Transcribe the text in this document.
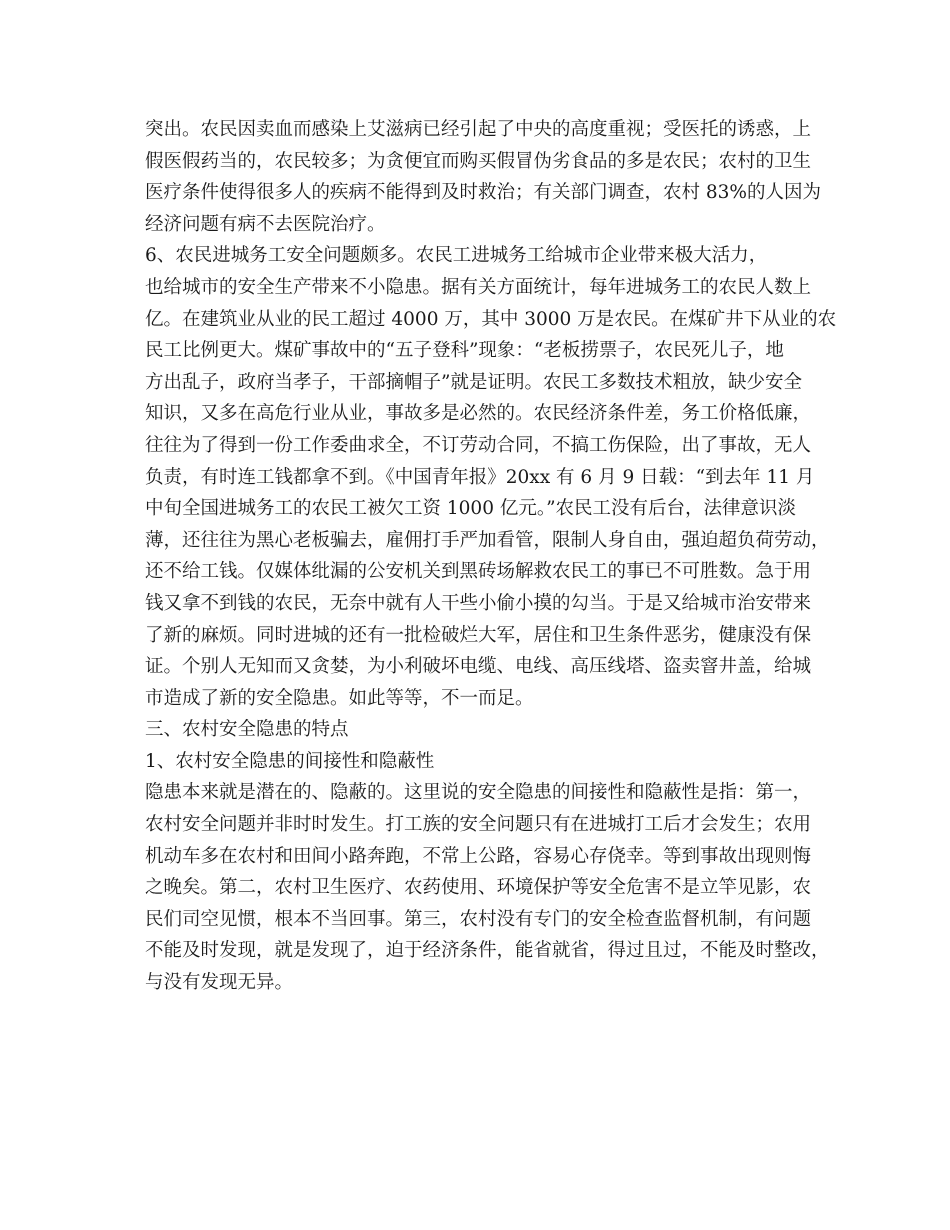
突出。农民因卖血而感染上艾滋病已经引起了中央的高度重视；受医托的诱惑，上
假医假药当的，农民较多；为贪便宜而购买假冒伪劣食品的多是农民；农村的卫生
医疗条件使得很多人的疾病不能得到及时救治；有关部门调查，农村 83%的人因为
经济问题有病不去医院治疗。
6、农民进城务工安全问题颇多。农民工进城务工给城市企业带来极大活力，
也给城市的安全生产带来不小隐患。据有关方面统计，每年进城务工的农民人数上
亿。在建筑业从业的民工超过 4000 万，其中 3000 万是农民。在煤矿井下从业的农
民工比例更大。煤矿事故中的“五子登科”现象：“老板捞票子，农民死儿子，地
方出乱子，政府当孝子，干部摘帽子”就是证明。农民工多数技术粗放，缺少安全
知识，又多在高危行业从业，事故多是必然的。农民经济条件差，务工价格低廉，
往往为了得到一份工作委曲求全，不订劳动合同，不搞工伤保险，出了事故，无人
负责，有时连工钱都拿不到。《中国青年报》20xx 有 6 月 9 日载：“到去年 11 月
中旬全国进城务工的农民工被欠工资 1000 亿元。”农民工没有后台，法律意识淡
薄，还往往为黑心老板骗去，雇佣打手严加看管，限制人身自由，强迫超负荷劳动，
还不给工钱。仅媒体纰漏的公安机关到黑砖场解救农民工的事已不可胜数。急于用
钱又拿不到钱的农民，无奈中就有人干些小偷小摸的勾当。于是又给城市治安带来
了新的麻烦。同时进城的还有一批检破烂大军，居住和卫生条件恶劣，健康没有保
证。个别人无知而又贪婪，为小利破坏电缆、电线、高压线塔、盗卖窨井盖，给城
市造成了新的安全隐患。如此等等，不一而足。
三、农村安全隐患的特点
1、农村安全隐患的间接性和隐蔽性
隐患本来就是潜在的、隐蔽的。这里说的安全隐患的间接性和隐蔽性是指：第一，
农村安全问题并非时时发生。打工族的安全问题只有在进城打工后才会发生；农用
机动车多在农村和田间小路奔跑，不常上公路，容易心存侥幸。等到事故出现则悔
之晚矣。第二，农村卫生医疗、农药使用、环境保护等安全危害不是立竿见影，农
民们司空见惯，根本不当回事。第三，农村没有专门的安全检查监督机制，有问题
不能及时发现，就是发现了，迫于经济条件，能省就省，得过且过，不能及时整改，
与没有发现无异。
